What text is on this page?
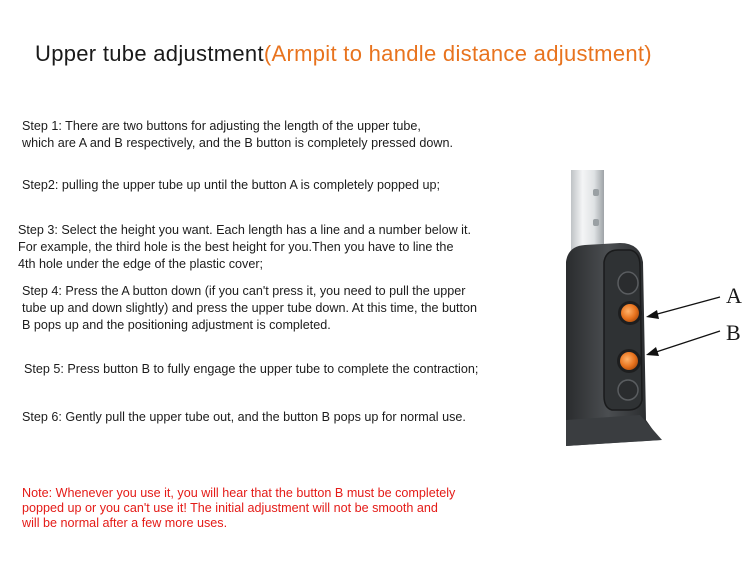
Upper tube adjustment(Armpit to handle distance adjustment)
Step 1: There are two buttons for adjusting the length of the upper tube,
which are A and B respectively, and the B button is completely pressed down.
Step2: pulling the upper tube up until the button A is completely popped up;
Step 3: Select the height you want. Each length has a line and a number below it.
For example, the third hole is the best height for you.Then you have to line the
4th hole under the edge of the plastic cover;
Step 4: Press the A button down (if you can't press it, you need to pull the upper
tube up and down slightly) and press the upper tube down. At this time, the button
B pops up and the positioning adjustment is completed.
Step 5: Press button B to fully engage the upper tube to complete the contraction;
Step 6: Gently pull the upper tube out, and the button B pops up for normal use.
Note: Whenever you use it, you will hear that the button B must be completely
popped up or you can't use it! The initial adjustment will not be smooth and
will be normal after a few more uses.
A
B
